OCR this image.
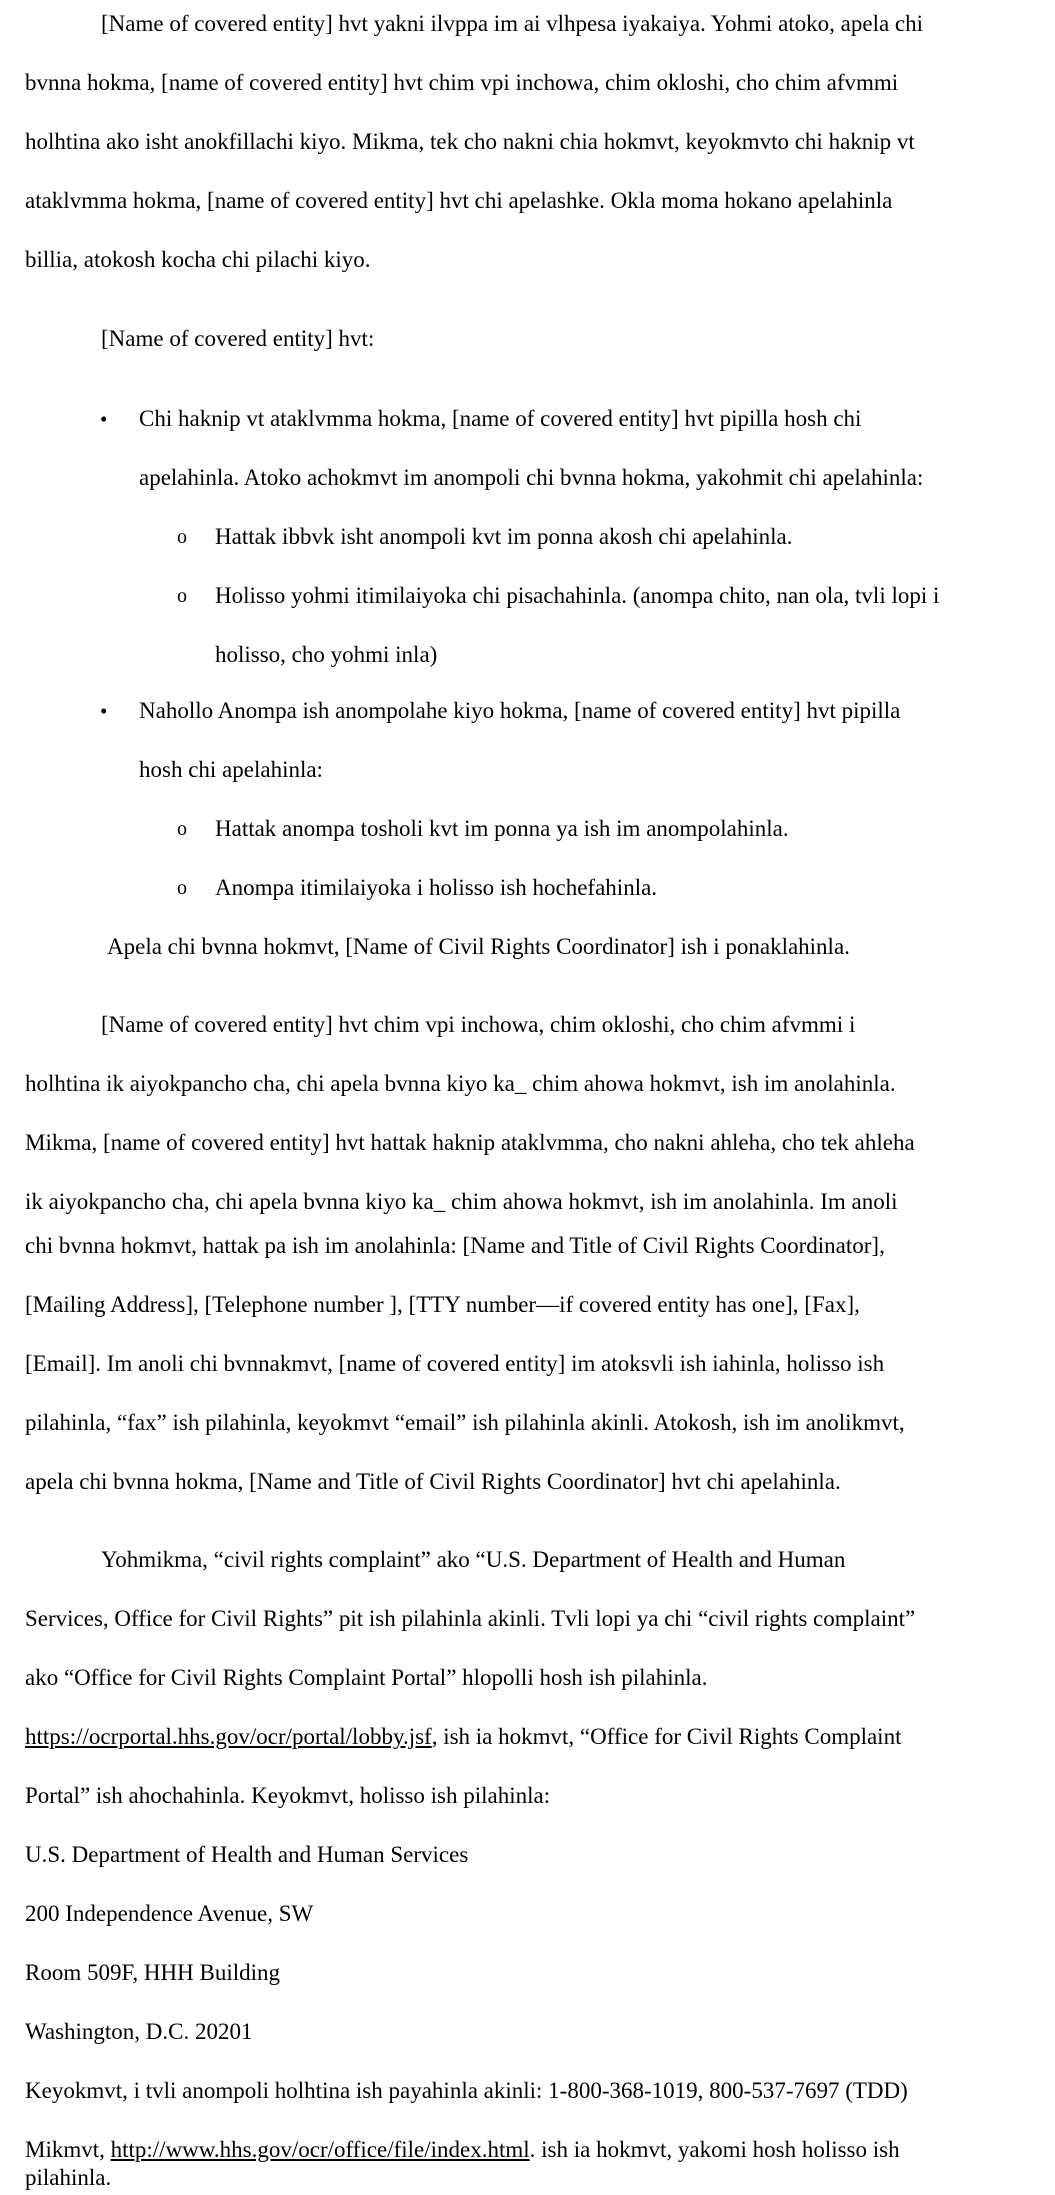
[Name of covered entity] hvt yakni ilvppa im ai vlhpesa iyakaiya. Yohmi atoko, apela chi
bvnna hokma, [name of covered entity] hvt chim vpi inchowa, chim okloshi, cho chim afvmmi
holhtina ako isht anokfillachi kiyo. Mikma, tek cho nakni chia hokmvt, keyokmvto chi haknip vt
ataklvmma hokma, [name of covered entity] hvt chi apelashke. Okla moma hokano apelahinla
billia, atokosh kocha chi pilachi kiyo.
[Name of covered entity] hvt:
• Chi haknip vt ataklvmma hokma, [name of covered entity] hvt pipilla hosh chi
apelahinla. Atoko achokmvt im anompoli chi bvnna hokma, yakohmit chi apelahinla:
o Hattak ibbvk isht anompoli kvt im ponna akosh chi apelahinla.
o Holisso yohmi itimilaiyoka chi pisachahinla. (anompa chito, nan ola, tvli lopi i
holisso, cho yohmi inla)
• Nahollo Anompa ish anompolahe kiyo hokma, [name of covered entity] hvt pipilla
hosh chi apelahinla:
o Hattak anompa tosholi kvt im ponna ya ish im anompolahinla.
o Anompa itimilaiyoka i holisso ish hochefahinla.
Apela chi bvnna hokmvt, [Name of Civil Rights Coordinator] ish i ponaklahinla.
[Name of covered entity] hvt chim vpi inchowa, chim okloshi, cho chim afvmmi i
holhtina ik aiyokpancho cha, chi apela bvnna kiyo ka_ chim ahowa hokmvt, ish im anolahinla.
Mikma, [name of covered entity] hvt hattak haknip ataklvmma, cho nakni ahleha, cho tek ahleha
ik aiyokpancho cha, chi apela bvnna kiyo ka_ chim ahowa hokmvt, ish im anolahinla. Im anoli
chi bvnna hokmvt, hattak pa ish im anolahinla: [Name and Title of Civil Rights Coordinator],
[Mailing Address], [Telephone number ], [TTY number—if covered entity has one], [Fax],
[Email]. Im anoli chi bvnnakmvt, [name of covered entity] im atoksvli ish iahinla, holisso ish
pilahinla, “fax” ish pilahinla, keyokmvt “email” ish pilahinla akinli. Atokosh, ish im anolikmvt,
apela chi bvnna hokma, [Name and Title of Civil Rights Coordinator] hvt chi apelahinla.
Yohmikma, “civil rights complaint” ako “U.S. Department of Health and Human
Services, Office for Civil Rights” pit ish pilahinla akinli. Tvli lopi ya chi “civil rights complaint”
ako “Office for Civil Rights Complaint Portal” hlopolli hosh ish pilahinla.
https://ocrportal.hhs.gov/ocr/portal/lobby.jsf, ish ia hokmvt, “Office for Civil Rights Complaint
Portal” ish ahochahinla. Keyokmvt, holisso ish pilahinla:
U.S. Department of Health and Human Services
200 Independence Avenue, SW
Room 509F, HHH Building
Washington, D.C. 20201
Keyokmvt, i tvli anompoli holhtina ish payahinla akinli: 1-800-368-1019, 800-537-7697 (TDD)
Mikmvt, http://www.hhs.gov/ocr/office/file/index.html. ish ia hokmvt, yakomi hosh holisso ish
pilahinla.
